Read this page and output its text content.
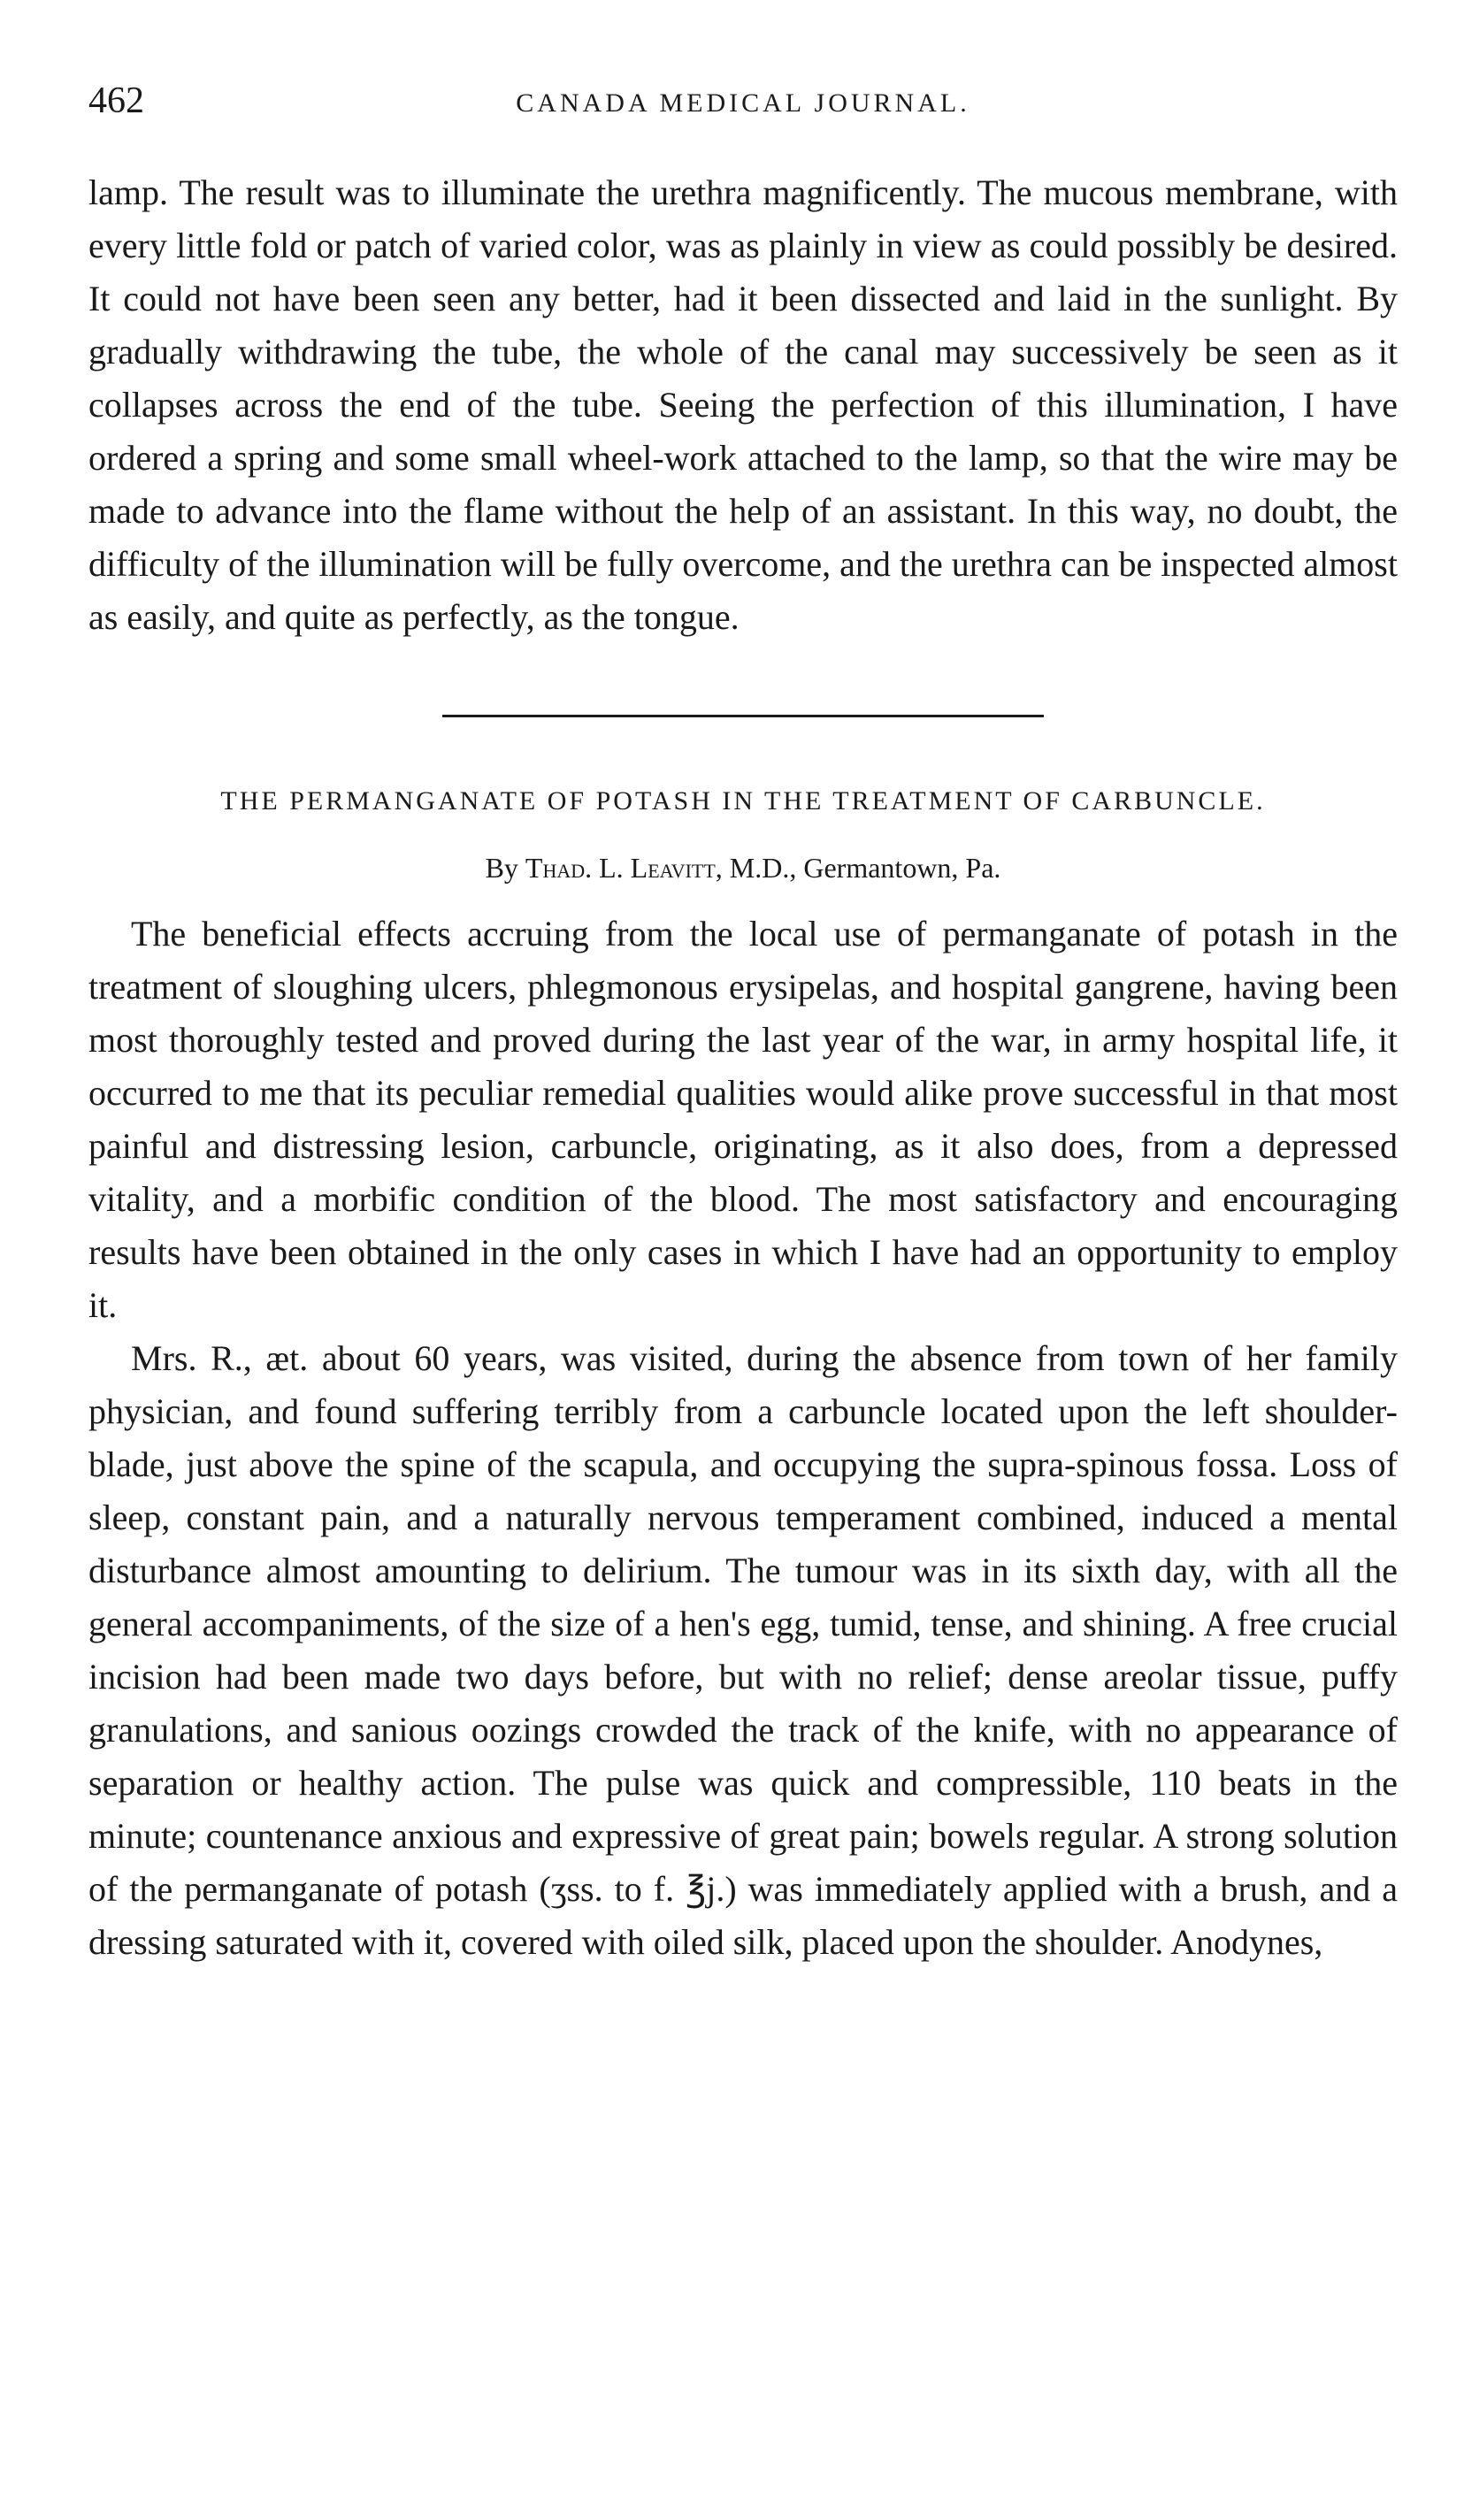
462	CANADA MEDICAL JOURNAL.

lamp. The result was to illuminate the urethra magnificently. The mucous membrane, with every little fold or patch of varied color, was as plainly in view as could possibly be desired. It could not have been seen any better, had it been dissected and laid in the sunlight. By gradually withdrawing the tube, the whole of the canal may successively be seen as it collapses across the end of the tube. Seeing the perfection of this illumination, I have ordered a spring and some small wheel-work attached to the lamp, so that the wire may be made to advance into the flame without the help of an assistant. In this way, no doubt, the difficulty of the illumination will be fully overcome, and the urethra can be inspected almost as easily, and quite as perfectly, as the tongue.

THE PERMANGANATE OF POTASH IN THE TREATMENT OF CARBUNCLE.
By Thad. L. Leavitt, M.D., Germantown, Pa.

The beneficial effects accruing from the local use of permanganate of potash in the treatment of sloughing ulcers, phlegmonous erysipelas, and hospital gangrene, having been most thoroughly tested and proved during the last year of the war, in army hospital life, it occurred to me that its peculiar remedial qualities would alike prove successful in that most painful and distressing lesion, carbuncle, originating, as it also does, from a depressed vitality, and a morbific condition of the blood. The most satisfactory and encouraging results have been obtained in the only cases in which I have had an opportunity to employ it.

Mrs. R., æt. about 60 years, was visited, during the absence from town of her family physician, and found suffering terribly from a carbuncle located upon the left shoulder-blade, just above the spine of the scapula, and occupying the supra-spinous fossa. Loss of sleep, constant pain, and a naturally nervous temperament combined, induced a mental disturbance almost amounting to delirium. The tumour was in its sixth day, with all the general accompaniments, of the size of a hen's egg, tumid, tense, and shining. A free crucial incision had been made two days before, but with no relief; dense areolar tissue, puffy granulations, and sanious oozings crowded the track of the knife, with no appearance of separation or healthy action. The pulse was quick and compressible, 110 beats in the minute; countenance anxious and expressive of great pain; bowels regular. A strong solution of the permanganate of potash (ʒss. to f. ℥j.) was immediately applied with a brush, and a dressing saturated with it, covered with oiled silk, placed upon the shoulder. Anodynes,
